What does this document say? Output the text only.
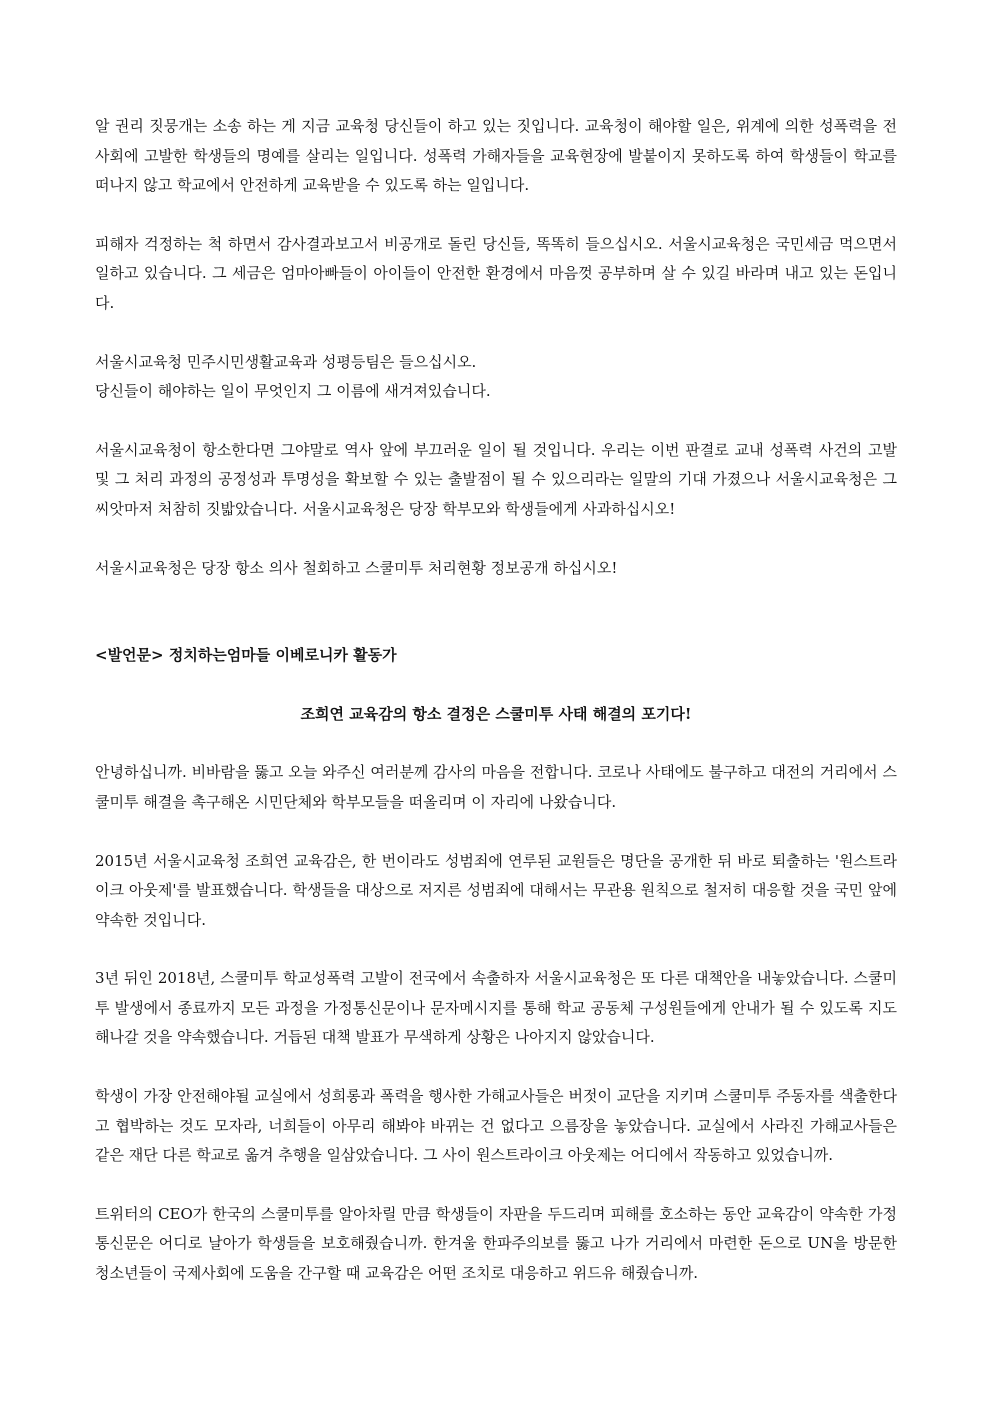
알 권리 짓뭉개는 소송 하는 게 지금 교육청 당신들이 하고 있는 짓입니다. 교육청이 해야할 일은, 위계에 의한 성폭력을 전 사회에 고발한 학생들의 명예를 살리는 일입니다. 성폭력 가해자들을 교육현장에 발붙이지 못하도록 하여 학생들이 학교를 떠나지 않고 학교에서 안전하게 교육받을 수 있도록 하는 일입니다.

피해자 걱정하는 척 하면서 감사결과보고서 비공개로 돌린 당신들, 똑똑히 들으십시오. 서울시교육청은 국민세금 먹으면서 일하고 있습니다. 그 세금은 엄마아빠들이 아이들이 안전한 환경에서 마음껏 공부하며 살 수 있길 바라며 내고 있는 돈입니다.

서울시교육청 민주시민생활교육과 성평등팀은 들으십시오.

당신들이 해야하는 일이 무엇인지 그 이름에 새겨져있습니다.

서울시교육청이 항소한다면 그야말로 역사 앞에 부끄러운 일이 될 것입니다. 우리는 이번 판결로 교내 성폭력 사건의 고발 및 그 처리 과정의 공정성과 투명성을 확보할 수 있는 출발점이 될 수 있으리라는 일말의 기대 가졌으나 서울시교육청은 그 씨앗마저 처참히 짓밟았습니다. 서울시교육청은 당장 학부모와 학생들에게 사과하십시오!

서울시교육청은 당장 항소 의사 철회하고 스쿨미투 처리현황 정보공개 하십시오!

<발언문> 정치하는엄마들 이베로니카 활동가

조희연 교육감의 항소 결정은 스쿨미투 사태 해결의 포기다!

안녕하십니까. 비바람을 뚫고 오늘 와주신 여러분께 감사의 마음을 전합니다. 코로나 사태에도 불구하고 대전의 거리에서 스쿨미투 해결을 촉구해온 시민단체와 학부모들을 떠올리며 이 자리에 나왔습니다.

2015년 서울시교육청 조희연 교육감은, 한 번이라도 성범죄에 연루된 교원들은 명단을 공개한 뒤 바로 퇴출하는 '원스트라이크 아웃제'를 발표했습니다. 학생들을 대상으로 저지른 성범죄에 대해서는 무관용 원칙으로 철저히 대응할 것을 국민 앞에 약속한 것입니다.

3년 뒤인 2018년, 스쿨미투 학교성폭력 고발이 전국에서 속출하자 서울시교육청은 또 다른 대책안을 내놓았습니다. 스쿨미투 발생에서 종료까지 모든 과정을 가정통신문이나 문자메시지를 통해 학교 공동체 구성원들에게 안내가 될 수 있도록 지도해나갈 것을 약속했습니다. 거듭된 대책 발표가 무색하게 상황은 나아지지 않았습니다.

학생이 가장 안전해야될 교실에서 성희롱과 폭력을 행사한 가해교사들은 버젓이 교단을 지키며 스쿨미투 주동자를 색출한다고 협박하는 것도 모자라, 너희들이 아무리 해봐야 바뀌는 건 없다고 으름장을 놓았습니다. 교실에서 사라진 가해교사들은 같은 재단 다른 학교로 옮겨 추행을 일삼았습니다. 그 사이 원스트라이크 아웃제는 어디에서 작동하고 있었습니까.

트위터의 CEO가 한국의 스쿨미투를 알아차릴 만큼 학생들이 자판을 두드리며 피해를 호소하는 동안 교육감이 약속한 가정통신문은 어디로 날아가 학생들을 보호해줬습니까. 한겨울 한파주의보를 뚫고 나가 거리에서 마련한 돈으로 UN을 방문한 청소년들이 국제사회에 도움을 간구할 때 교육감은 어떤 조치로 대응하고 위드유 해줬습니까.
